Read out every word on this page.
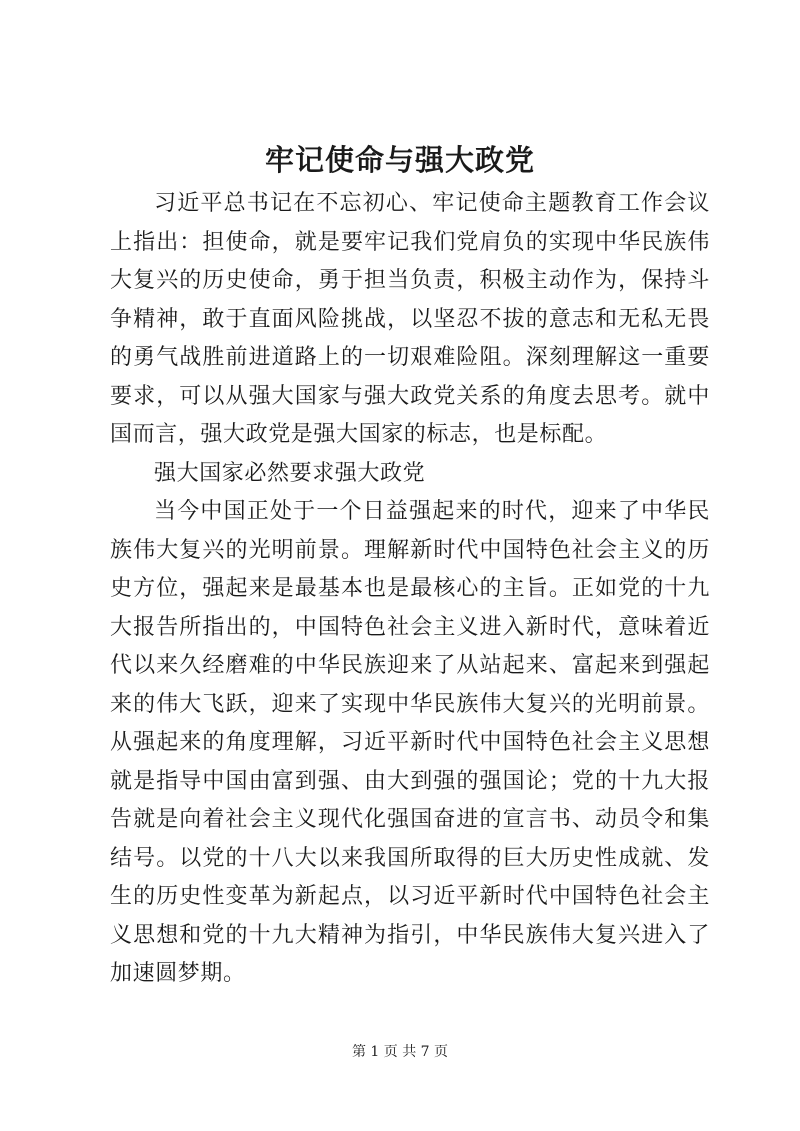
牢记使命与强大政党

习近平总书记在不忘初心、牢记使命主题教育工作会议上指出：担使命，就是要牢记我们党肩负的实现中华民族伟大复兴的历史使命，勇于担当负责，积极主动作为，保持斗争精神，敢于直面风险挑战，以坚忍不拔的意志和无私无畏的勇气战胜前进道路上的一切艰难险阻。深刻理解这一重要要求，可以从强大国家与强大政党关系的角度去思考。就中国而言，强大政党是强大国家的标志，也是标配。

强大国家必然要求强大政党

当今中国正处于一个日益强起来的时代，迎来了中华民族伟大复兴的光明前景。理解新时代中国特色社会主义的历史方位，强起来是最基本也是最核心的主旨。正如党的十九大报告所指出的，中国特色社会主义进入新时代，意味着近代以来久经磨难的中华民族迎来了从站起来、富起来到强起来的伟大飞跃，迎来了实现中华民族伟大复兴的光明前景。从强起来的角度理解，习近平新时代中国特色社会主义思想就是指导中国由富到强、由大到强的强国论；党的十九大报告就是向着社会主义现代化强国奋进的宣言书、动员令和集结号。以党的十八大以来我国所取得的巨大历史性成就、发生的历史性变革为新起点，以习近平新时代中国特色社会主义思想和党的十九大精神为指引，中华民族伟大复兴进入了加速圆梦期。

第 1 页 共 7 页
